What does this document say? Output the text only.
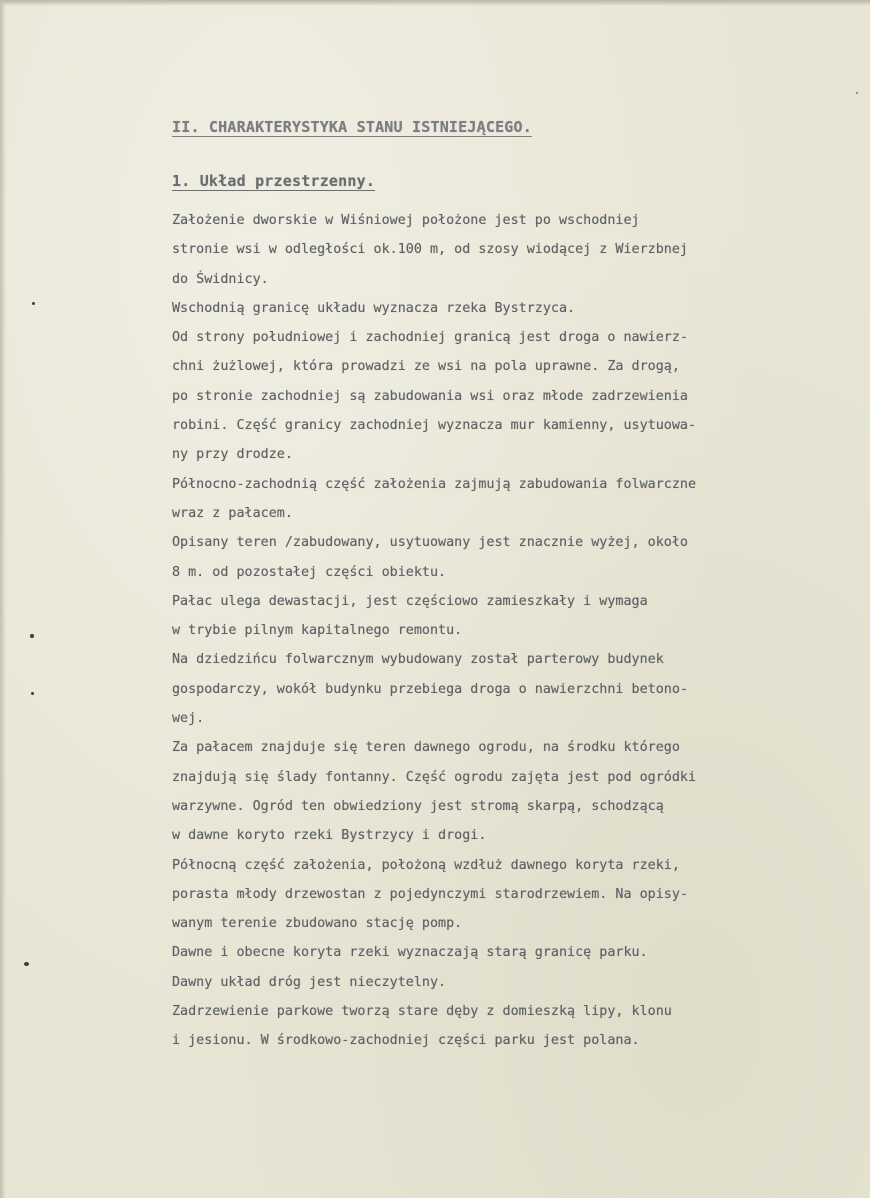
II. CHARAKTERYSTYKA STANU ISTNIEJĄCEGO.
1. Układ przestrzenny.
Założenie dworskie w Wiśniowej położone jest po wschodniej
stronie wsi w odległości ok.100 m, od szosy wiodącej z Wierzbnej
do Świdnicy.
Wschodnią granicę układu wyznacza rzeka Bystrzyca.
Od strony południowej i zachodniej granicą jest droga o nawierz-
chni żużlowej, która prowadzi ze wsi na pola uprawne. Za drogą,
po stronie zachodniej są zabudowania wsi oraz młode zadrzewienia
robini. Część granicy zachodniej wyznacza mur kamienny, usytuowa-
ny przy drodze.
Północno-zachodnią część założenia zajmują zabudowania folwarczne
wraz z pałacem.
Opisany teren /zabudowany, usytuowany jest znacznie wyżej, około
8 m. od pozostałej części obiektu.
Pałac ulega dewastacji, jest częściowo zamieszkały i wymaga
w trybie pilnym kapitalnego remontu.
Na dziedzińcu folwarcznym wybudowany został parterowy budynek
gospodarczy, wokół budynku przebiega droga o nawierzchni betono-
wej.
Za pałacem znajduje się teren dawnego ogrodu, na środku którego
znajdują się ślady fontanny. Część ogrodu zajęta jest pod ogródki
warzywne. Ogród ten obwiedziony jest stromą skarpą, schodzącą
w dawne koryto rzeki Bystrzycy i drogi.
Północną część założenia, położoną wzdłuż dawnego koryta rzeki,
porasta młody drzewostan z pojedynczymi starodrzewiem. Na opisy-
wanym terenie zbudowano stację pomp.
Dawne i obecne koryta rzeki wyznaczają starą granicę parku.
Dawny układ dróg jest nieczytelny.
Zadrzewienie parkowe tworzą stare dęby z domieszką lipy, klonu
i jesionu. W środkowo-zachodniej części parku jest polana.
